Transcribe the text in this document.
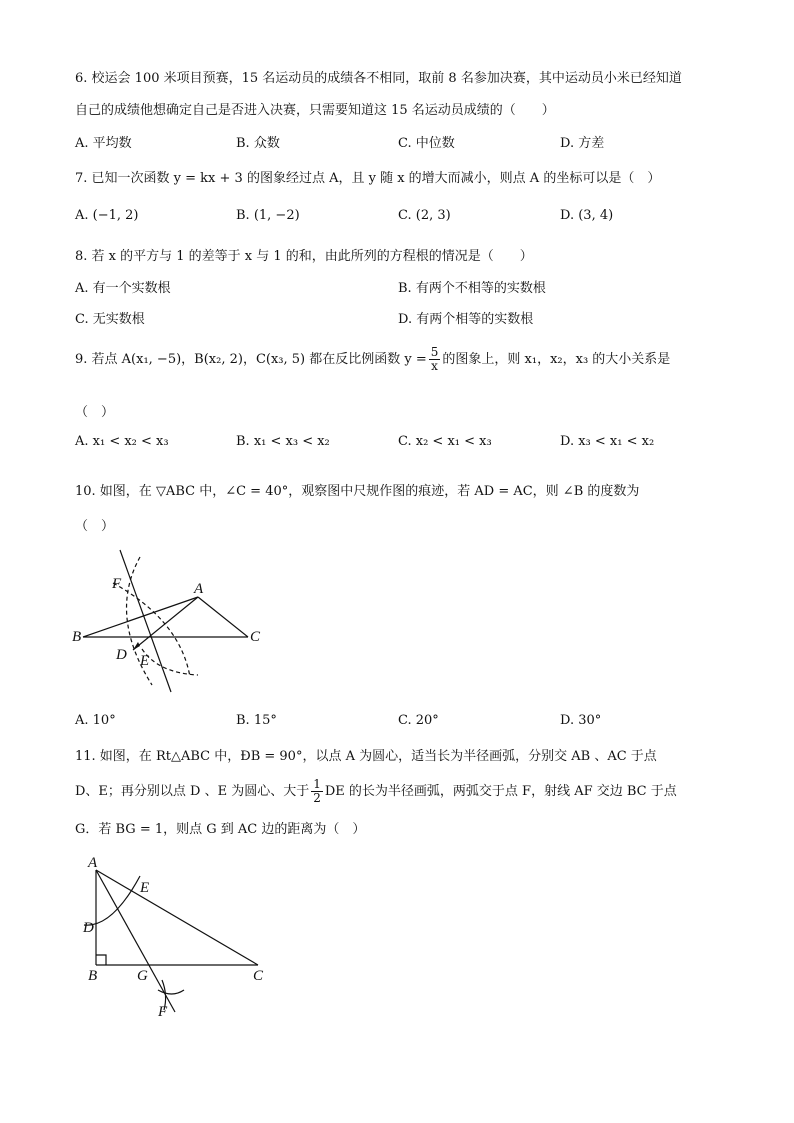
6. 校运会 100 米项目预赛，15 名运动员的成绩各不相同，取前 8 名参加决赛，其中运动员小米已经知道
自己的成绩他想确定自己是否进入决赛，只需要知道这 15 名运动员成绩的（　　）
A. 平均数	B. 众数	C. 中位数	D. 方差
7. 已知一次函数 y = kx + 3 的图象经过点 A，且 y 随 x 的增大而减小，则点 A 的坐标可以是（　）
A. (−1, 2)	B. (1, −2)	C. (2, 3)	D. (3, 4)
8. 若 x 的平方与 1 的差等于 x 与 1 的和，由此所列的方程根的情况是（　　）
A. 有一个实数根	B. 有两个不相等的实数根
C. 无实数根	D. 有两个相等的实数根
9. 若点 A(x₁, −5)，B(x₂, 2)，C(x₃, 5) 都在反比例函数 $y = \frac{5}{x}$ 的图象上，则 x₁，x₂，x₃ 的大小关系是
（　）
A. x₁ < x₂ < x₃	B. x₁ < x₃ < x₂	C. x₂ < x₁ < x₃	D. x₃ < x₁ < x₂
10. 如图，在 ▽ABC 中，∠C = 40°，观察图中尺规作图的痕迹，若 AD = AC，则 ∠B 的度数为
（　）
F	A
B	C
D E
A. 10°	B. 15°	C. 20°	D. 30°
11. 如图，在 Rt△ABC 中，ÐB = 90°，以点 A 为圆心，适当长为半径画弧，分别交 AB 、AC 于点
D、E；再分别以点 D 、E 为圆心、大于 $\frac{1}{2}$ DE 的长为半径画弧，两弧交于点 F，射线 AF 交边 BC 于点
G．若 BG = 1，则点 G 到 AC 边的距离为（　）
A
E
D
B	G	C
F
